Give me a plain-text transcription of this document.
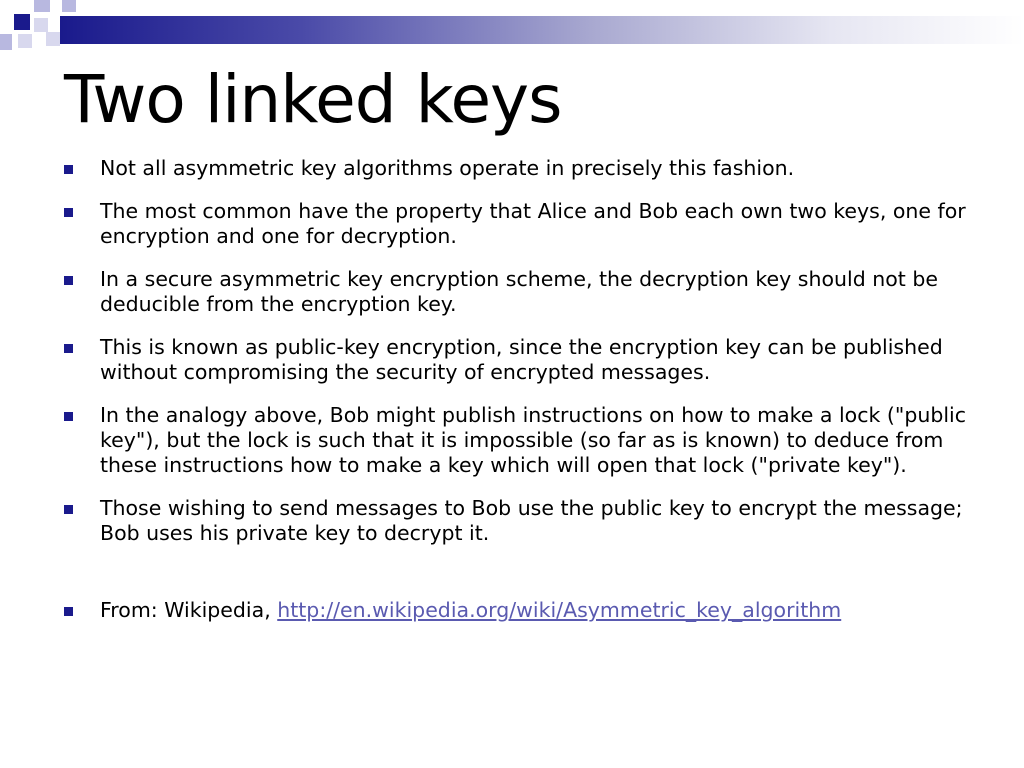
Two linked keys
Not all asymmetric key algorithms operate in precisely this fashion.
The most common have the property that Alice and Bob each own two keys, one for encryption and one for decryption.
In a secure asymmetric key encryption scheme, the decryption key should not be deducible from the encryption key.
This is known as public-key encryption, since the encryption key can be published without compromising the security of encrypted messages.
In the analogy above, Bob might publish instructions on how to make a lock ("public key"), but the lock is such that it is impossible (so far as is known) to deduce from these instructions how to make a key which will open that lock ("private key").
Those wishing to send messages to Bob use the public key to encrypt the message; Bob uses his private key to decrypt it.
From: Wikipedia, http://en.wikipedia.org/wiki/Asymmetric_key_algorithm
